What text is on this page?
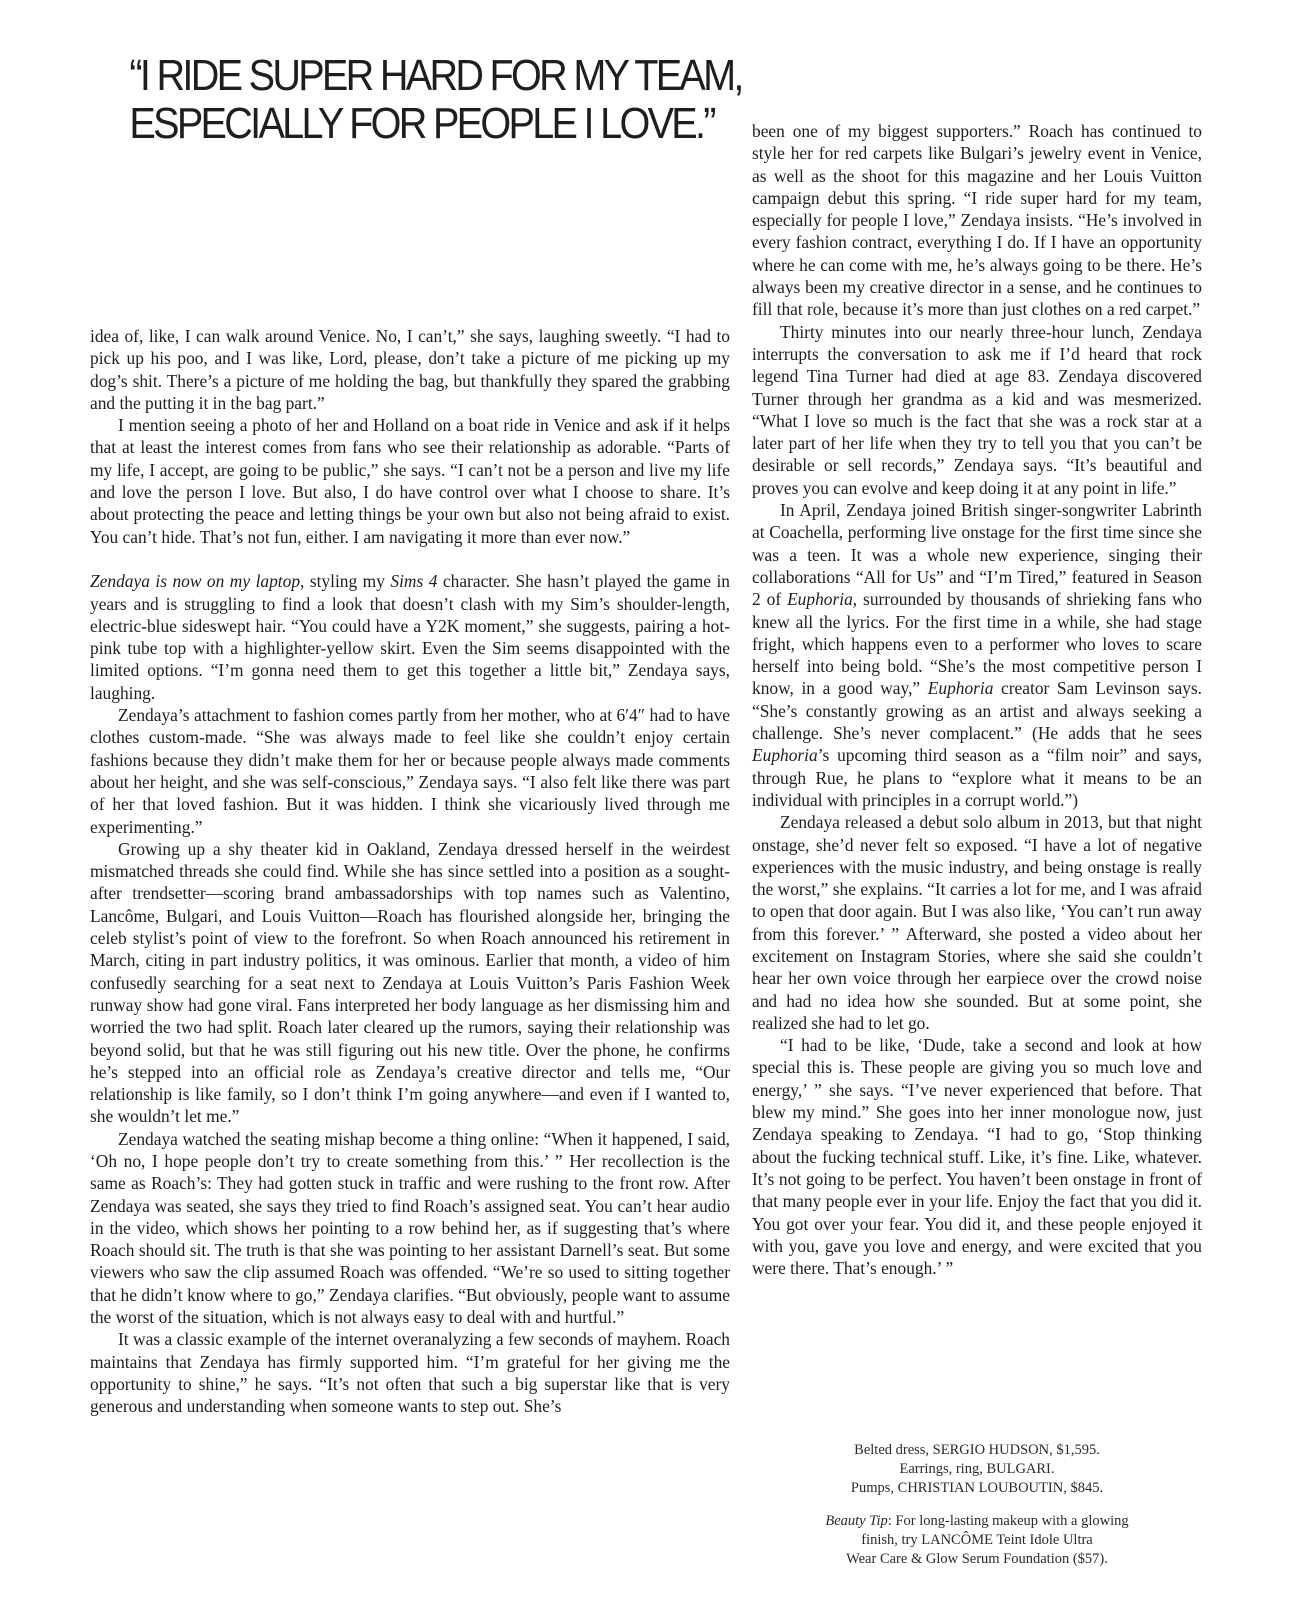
“I RIDE SUPER HARD FOR MY TEAM,
ESPECIALLY FOR PEOPLE I LOVE.”

idea of, like, I can walk around Venice. No, I can’t,” she says, laughing sweetly. “I had to pick up his poo, and I was like, Lord, please, don’t take a picture of me picking up my dog’s shit. There’s a picture of me holding the bag, but thankfully they spared the grabbing and the putting it in the bag part.”

I mention seeing a photo of her and Holland on a boat ride in Venice and ask if it helps that at least the interest comes from fans who see their relationship as adorable. “Parts of my life, I accept, are going to be public,” she says. “I can’t not be a person and live my life and love the person I love. But also, I do have control over what I choose to share. It’s about protecting the peace and letting things be your own but also not being afraid to exist. You can’t hide. That’s not fun, either. I am navigating it more than ever now.”

Zendaya is now on my laptop, styling my Sims 4 character. She hasn’t played the game in years and is struggling to find a look that doesn’t clash with my Sim’s shoulder-length, electric-blue sideswept hair. “You could have a Y2K moment,” she suggests, pairing a hot-pink tube top with a highlighter-yellow skirt. Even the Sim seems disappointed with the limited options. “I’m gonna need them to get this together a little bit,” Zendaya says, laughing.

Zendaya’s attachment to fashion comes partly from her mother, who at 6′4″ had to have clothes custom-made. “She was always made to feel like she couldn’t enjoy certain fashions because they didn’t make them for her or because people always made comments about her height, and she was self-conscious,” Zendaya says. “I also felt like there was part of her that loved fashion. But it was hidden. I think she vicariously lived through me experimenting.”

Growing up a shy theater kid in Oakland, Zendaya dressed herself in the weirdest mismatched threads she could find. While she has since settled into a position as a sought-after trendsetter—scoring brand ambassadorships with top names such as Valentino, Lancôme, Bulgari, and Louis Vuitton—Roach has flourished alongside her, bringing the celeb stylist’s point of view to the forefront. So when Roach announced his retirement in March, citing in part industry politics, it was ominous. Earlier that month, a video of him confusedly searching for a seat next to Zendaya at Louis Vuitton’s Paris Fashion Week runway show had gone viral. Fans interpreted her body language as her dismissing him and worried the two had split. Roach later cleared up the rumors, saying their relationship was beyond solid, but that he was still figuring out his new title. Over the phone, he confirms he’s stepped into an official role as Zendaya’s creative director and tells me, “Our relationship is like family, so I don’t think I’m going anywhere—and even if I wanted to, she wouldn’t let me.”

Zendaya watched the seating mishap become a thing online: “When it happened, I said, ‘Oh no, I hope people don’t try to create something from this.’ ” Her recollection is the same as Roach’s: They had gotten stuck in traffic and were rushing to the front row. After Zendaya was seated, she says they tried to find Roach’s assigned seat. You can’t hear audio in the video, which shows her pointing to a row behind her, as if suggesting that’s where Roach should sit. The truth is that she was pointing to her assistant Darnell’s seat. But some viewers who saw the clip assumed Roach was offended. “We’re so used to sitting together that he didn’t know where to go,” Zendaya clarifies. “But obviously, people want to assume the worst of the situation, which is not always easy to deal with and hurtful.”

It was a classic example of the internet overanalyzing a few seconds of mayhem. Roach maintains that Zendaya has firmly supported him. “I’m grateful for her giving me the opportunity to shine,” he says. “It’s not often that such a big superstar like that is very generous and understanding when someone wants to step out. She’s

been one of my biggest supporters.” Roach has continued to style her for red carpets like Bulgari’s jewelry event in Venice, as well as the shoot for this magazine and her Louis Vuitton campaign debut this spring. “I ride super hard for my team, especially for people I love,” Zendaya insists. “He’s involved in every fashion contract, everything I do. If I have an opportunity where he can come with me, he’s always going to be there. He’s always been my creative director in a sense, and he continues to fill that role, because it’s more than just clothes on a red carpet.”

Thirty minutes into our nearly three-hour lunch, Zendaya interrupts the conversation to ask me if I’d heard that rock legend Tina Turner had died at age 83. Zendaya discovered Turner through her grandma as a kid and was mesmerized. “What I love so much is the fact that she was a rock star at a later part of her life when they try to tell you that you can’t be desirable or sell records,” Zendaya says. “It’s beautiful and proves you can evolve and keep doing it at any point in life.”

In April, Zendaya joined British singer-songwriter Labrinth at Coachella, performing live onstage for the first time since she was a teen. It was a whole new experience, singing their collaborations “All for Us” and “I’m Tired,” featured in Season 2 of Euphoria, surrounded by thousands of shrieking fans who knew all the lyrics. For the first time in a while, she had stage fright, which happens even to a performer who loves to scare herself into being bold. “She’s the most competitive person I know, in a good way,” Euphoria creator Sam Levinson says. “She’s constantly growing as an artist and always seeking a challenge. She’s never complacent.” (He adds that he sees Euphoria’s upcoming third season as a “film noir” and says, through Rue, he plans to “explore what it means to be an individual with principles in a corrupt world.”)

Zendaya released a debut solo album in 2013, but that night onstage, she’d never felt so exposed. “I have a lot of negative experiences with the music industry, and being onstage is really the worst,” she explains. “It carries a lot for me, and I was afraid to open that door again. But I was also like, ‘You can’t run away from this forever.’ ” Afterward, she posted a video about her excitement on Instagram Stories, where she said she couldn’t hear her own voice through her earpiece over the crowd noise and had no idea how she sounded. But at some point, she realized she had to let go.

“I had to be like, ‘Dude, take a second and look at how special this is. These people are giving you so much love and energy,’ ” she says. “I’ve never experienced that before. That blew my mind.” She goes into her inner monologue now, just Zendaya speaking to Zendaya. “I had to go, ‘Stop thinking about the fucking technical stuff. Like, it’s fine. Like, whatever. It’s not going to be perfect. You haven’t been onstage in front of that many people ever in your life. Enjoy the fact that you did it. You got over your fear. You did it, and these people enjoyed it with you, gave you love and energy, and were excited that you were there. That’s enough.’ ”

Belted dress, SERGIO HUDSON, $1,595.
Earrings, ring, BULGARI.
Pumps, CHRISTIAN LOUBOUTIN, $845.
Beauty Tip: For long-lasting makeup with a glowing
finish, try LANCÔME Teint Idole Ultra
Wear Care & Glow Serum Foundation ($57).
